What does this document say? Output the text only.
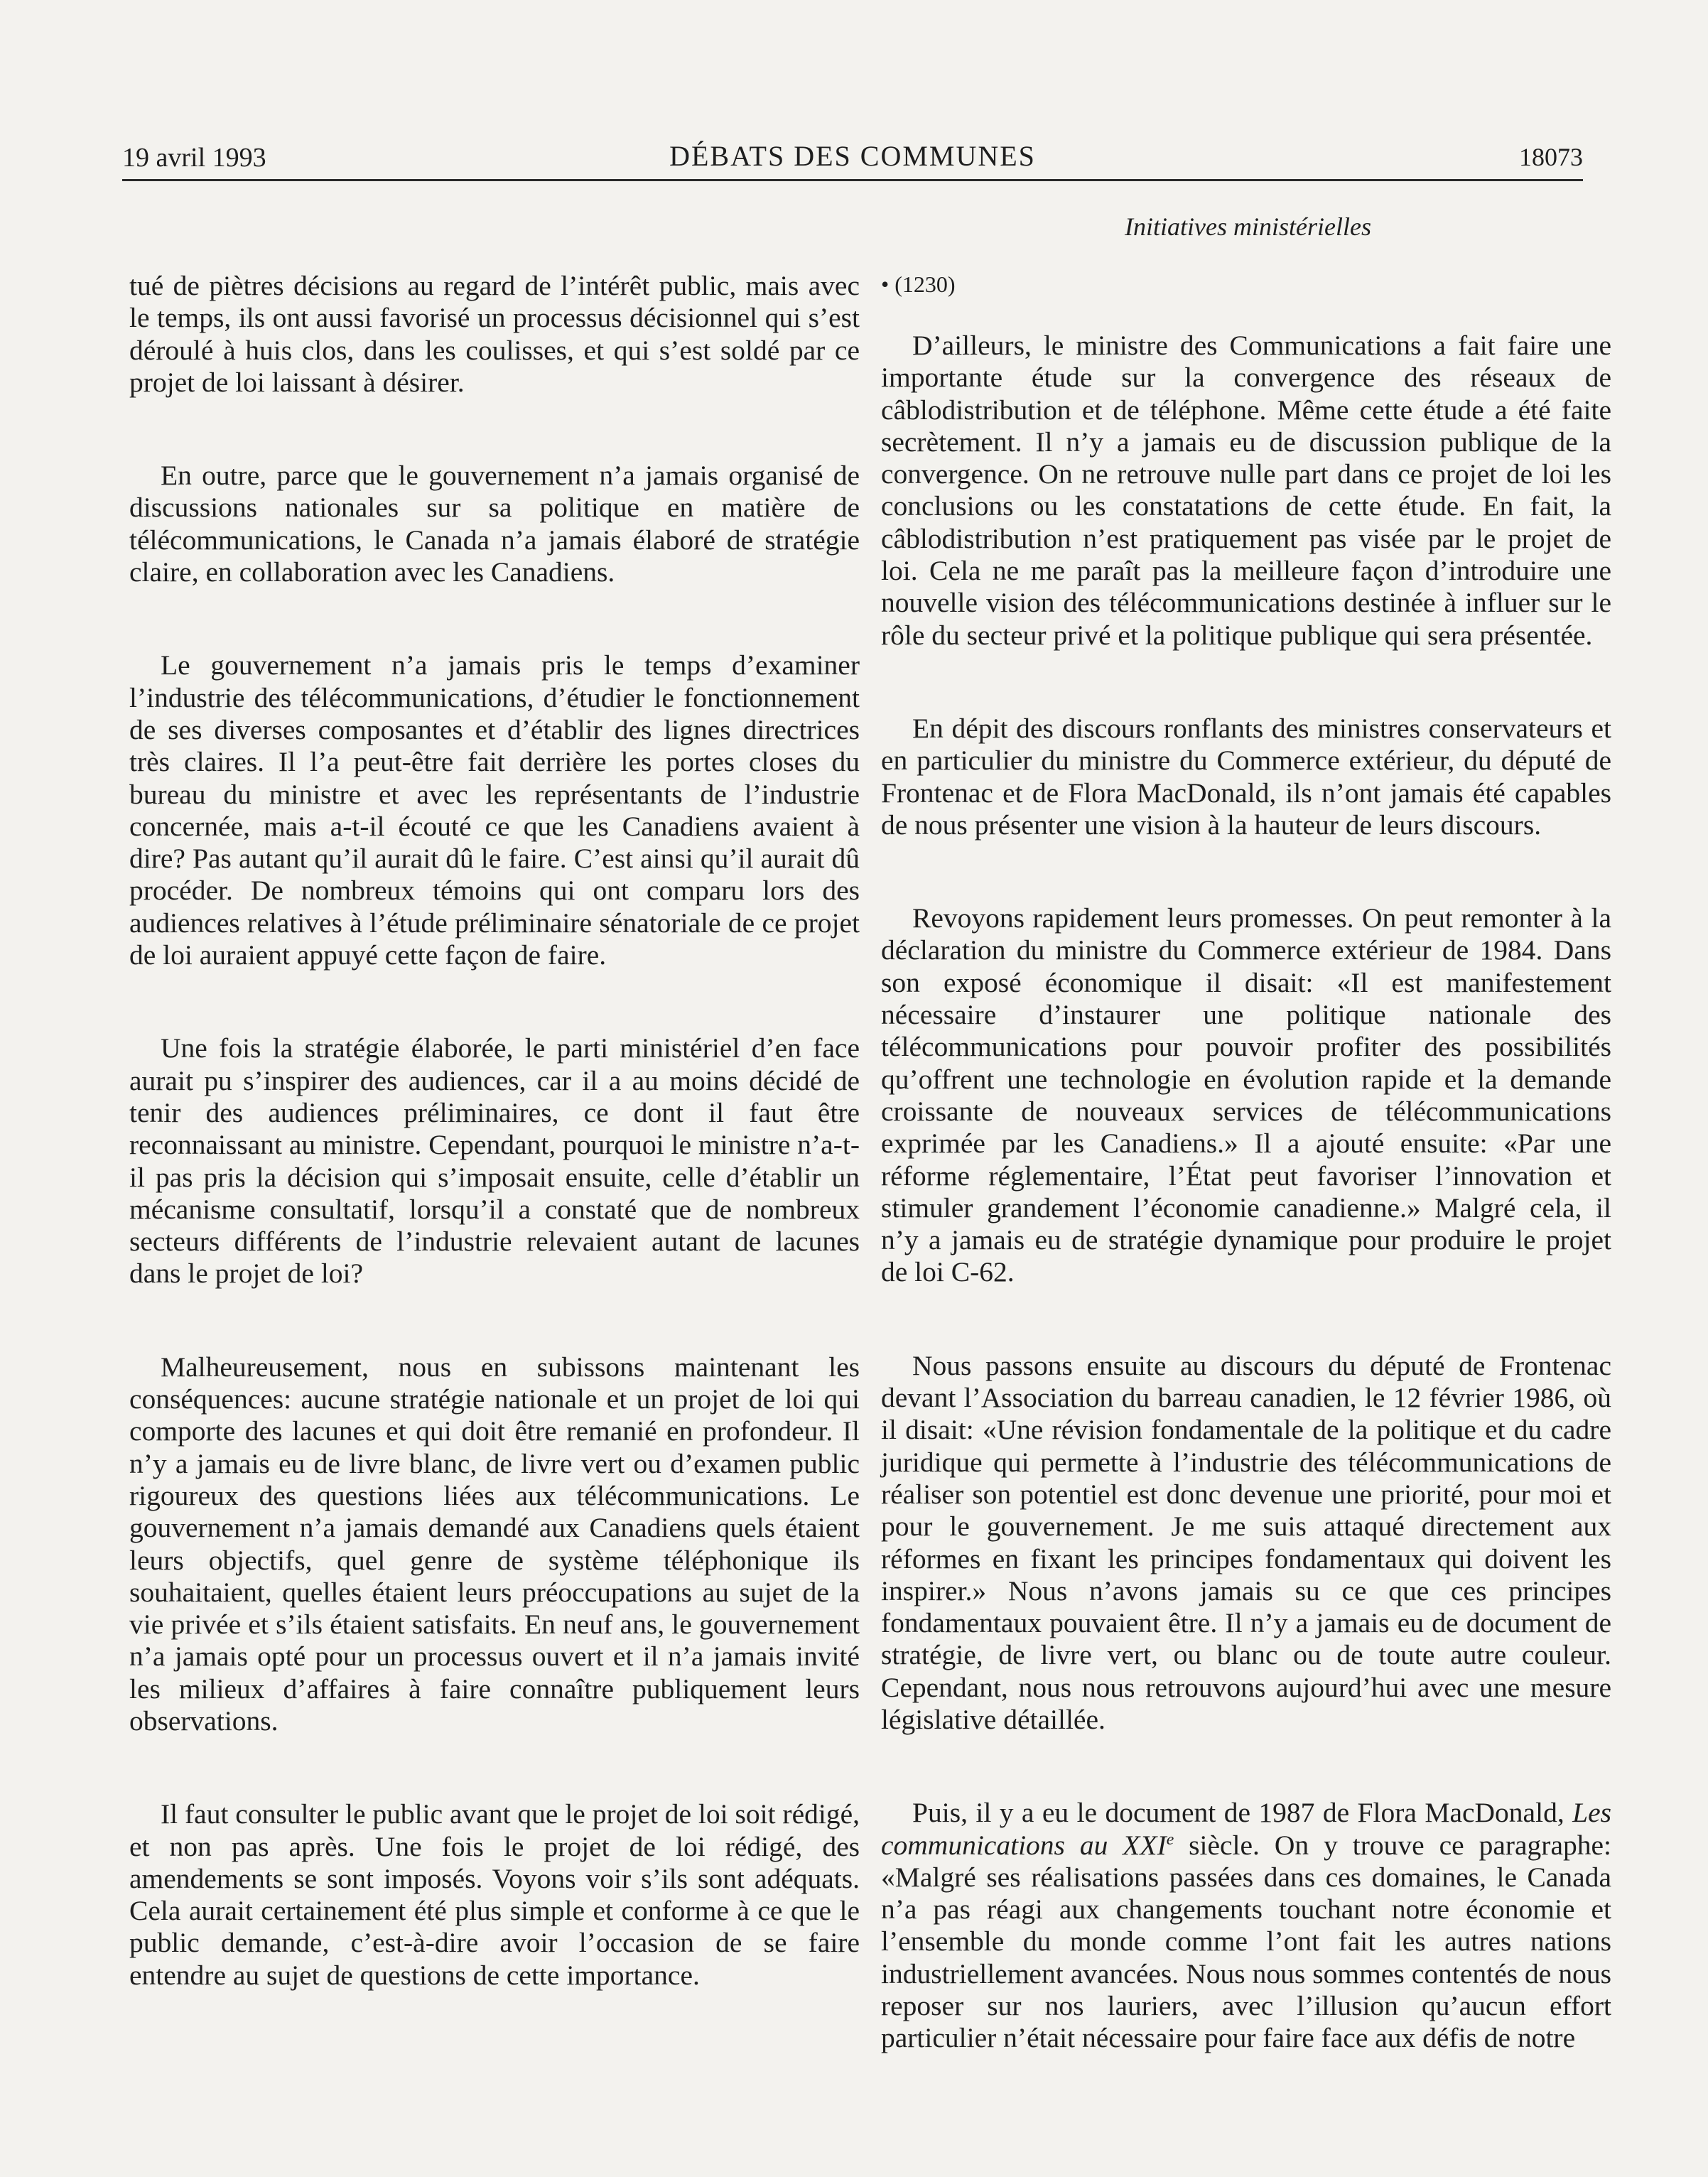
19 avril 1993	DÉBATS DES COMMUNES	18073
Initiatives ministérielles

tué de piètres décisions au regard de l’intérêt public, mais avec le temps, ils ont aussi favorisé un processus décisionnel qui s’est déroulé à huis clos, dans les coulisses, et qui s’est soldé par ce projet de loi laissant à désirer.

En outre, parce que le gouvernement n’a jamais organisé de discussions nationales sur sa politique en matière de télécommunications, le Canada n’a jamais élaboré de stratégie claire, en collaboration avec les Canadiens.

Le gouvernement n’a jamais pris le temps d’examiner l’industrie des télécommunications, d’étudier le fonctionnement de ses diverses composantes et d’établir des lignes directrices très claires. Il l’a peut-être fait derrière les portes closes du bureau du ministre et avec les représentants de l’industrie concernée, mais a-t-il écouté ce que les Canadiens avaient à dire? Pas autant qu’il aurait dû le faire. C’est ainsi qu’il aurait dû procéder. De nombreux témoins qui ont comparu lors des audiences relatives à l’étude préliminaire sénatoriale de ce projet de loi auraient appuyé cette façon de faire.

Une fois la stratégie élaborée, le parti ministériel d’en face aurait pu s’inspirer des audiences, car il a au moins décidé de tenir des audiences préliminaires, ce dont il faut être reconnaissant au ministre. Cependant, pourquoi le ministre n’a-t-il pas pris la décision qui s’imposait ensuite, celle d’établir un mécanisme consultatif, lorsqu’il a constaté que de nombreux secteurs différents de l’industrie relevaient autant de lacunes dans le projet de loi?

Malheureusement, nous en subissons maintenant les conséquences: aucune stratégie nationale et un projet de loi qui comporte des lacunes et qui doit être remanié en profondeur. Il n’y a jamais eu de livre blanc, de livre vert ou d’examen public rigoureux des questions liées aux télécommunications. Le gouvernement n’a jamais demandé aux Canadiens quels étaient leurs objectifs, quel genre de système téléphonique ils souhaitaient, quelles étaient leurs préoccupations au sujet de la vie privée et s’ils étaient satisfaits. En neuf ans, le gouvernement n’a jamais opté pour un processus ouvert et il n’a jamais invité les milieux d’affaires à faire connaître publiquement leurs observations.

Il faut consulter le public avant que le projet de loi soit rédigé, et non pas après. Une fois le projet de loi rédigé, des amendements se sont imposés. Voyons voir s’ils sont adéquats. Cela aurait certainement été plus simple et conforme à ce que le public demande, c’est-à-dire avoir l’occasion de se faire entendre au sujet de questions de cette importance.

• (1230)

D’ailleurs, le ministre des Communications a fait faire une importante étude sur la convergence des réseaux de câblodistribution et de téléphone. Même cette étude a été faite secrètement. Il n’y a jamais eu de discussion publique de la convergence. On ne retrouve nulle part dans ce projet de loi les conclusions ou les constatations de cette étude. En fait, la câblodistribution n’est pratiquement pas visée par le projet de loi. Cela ne me paraît pas la meilleure façon d’introduire une nouvelle vision des télécommunications destinée à influer sur le rôle du secteur privé et la politique publique qui sera présentée.

En dépit des discours ronflants des ministres conservateurs et en particulier du ministre du Commerce extérieur, du député de Frontenac et de Flora MacDonald, ils n’ont jamais été capables de nous présenter une vision à la hauteur de leurs discours.

Revoyons rapidement leurs promesses. On peut remonter à la déclaration du ministre du Commerce extérieur de 1984. Dans son exposé économique il disait: «Il est manifestement nécessaire d’instaurer une politique nationale des télécommunications pour pouvoir profiter des possibilités qu’offrent une technologie en évolution rapide et la demande croissante de nouveaux services de télécommunications exprimée par les Canadiens.» Il a ajouté ensuite: «Par une réforme réglementaire, l’État peut favoriser l’innovation et stimuler grandement l’économie canadienne.» Malgré cela, il n’y a jamais eu de stratégie dynamique pour produire le projet de loi C-62.

Nous passons ensuite au discours du député de Frontenac devant l’Association du barreau canadien, le 12 février 1986, où il disait: «Une révision fondamentale de la politique et du cadre juridique qui permette à l’industrie des télécommunications de réaliser son potentiel est donc devenue une priorité, pour moi et pour le gouvernement. Je me suis attaqué directement aux réformes en fixant les principes fondamentaux qui doivent les inspirer.» Nous n’avons jamais su ce que ces principes fondamentaux pouvaient être. Il n’y a jamais eu de document de stratégie, de livre vert, ou blanc ou de toute autre couleur. Cependant, nous nous retrouvons aujourd’hui avec une mesure législative détaillée.

Puis, il y a eu le document de 1987 de Flora MacDonald, Les communications au XXIe siècle. On y trouve ce paragraphe: «Malgré ses réalisations passées dans ces domaines, le Canada n’a pas réagi aux changements touchant notre économie et l’ensemble du monde comme l’ont fait les autres nations industriellement avancées. Nous nous sommes contentés de nous reposer sur nos lauriers, avec l’illusion qu’aucun effort particulier n’était nécessaire pour faire face aux défis de notre
